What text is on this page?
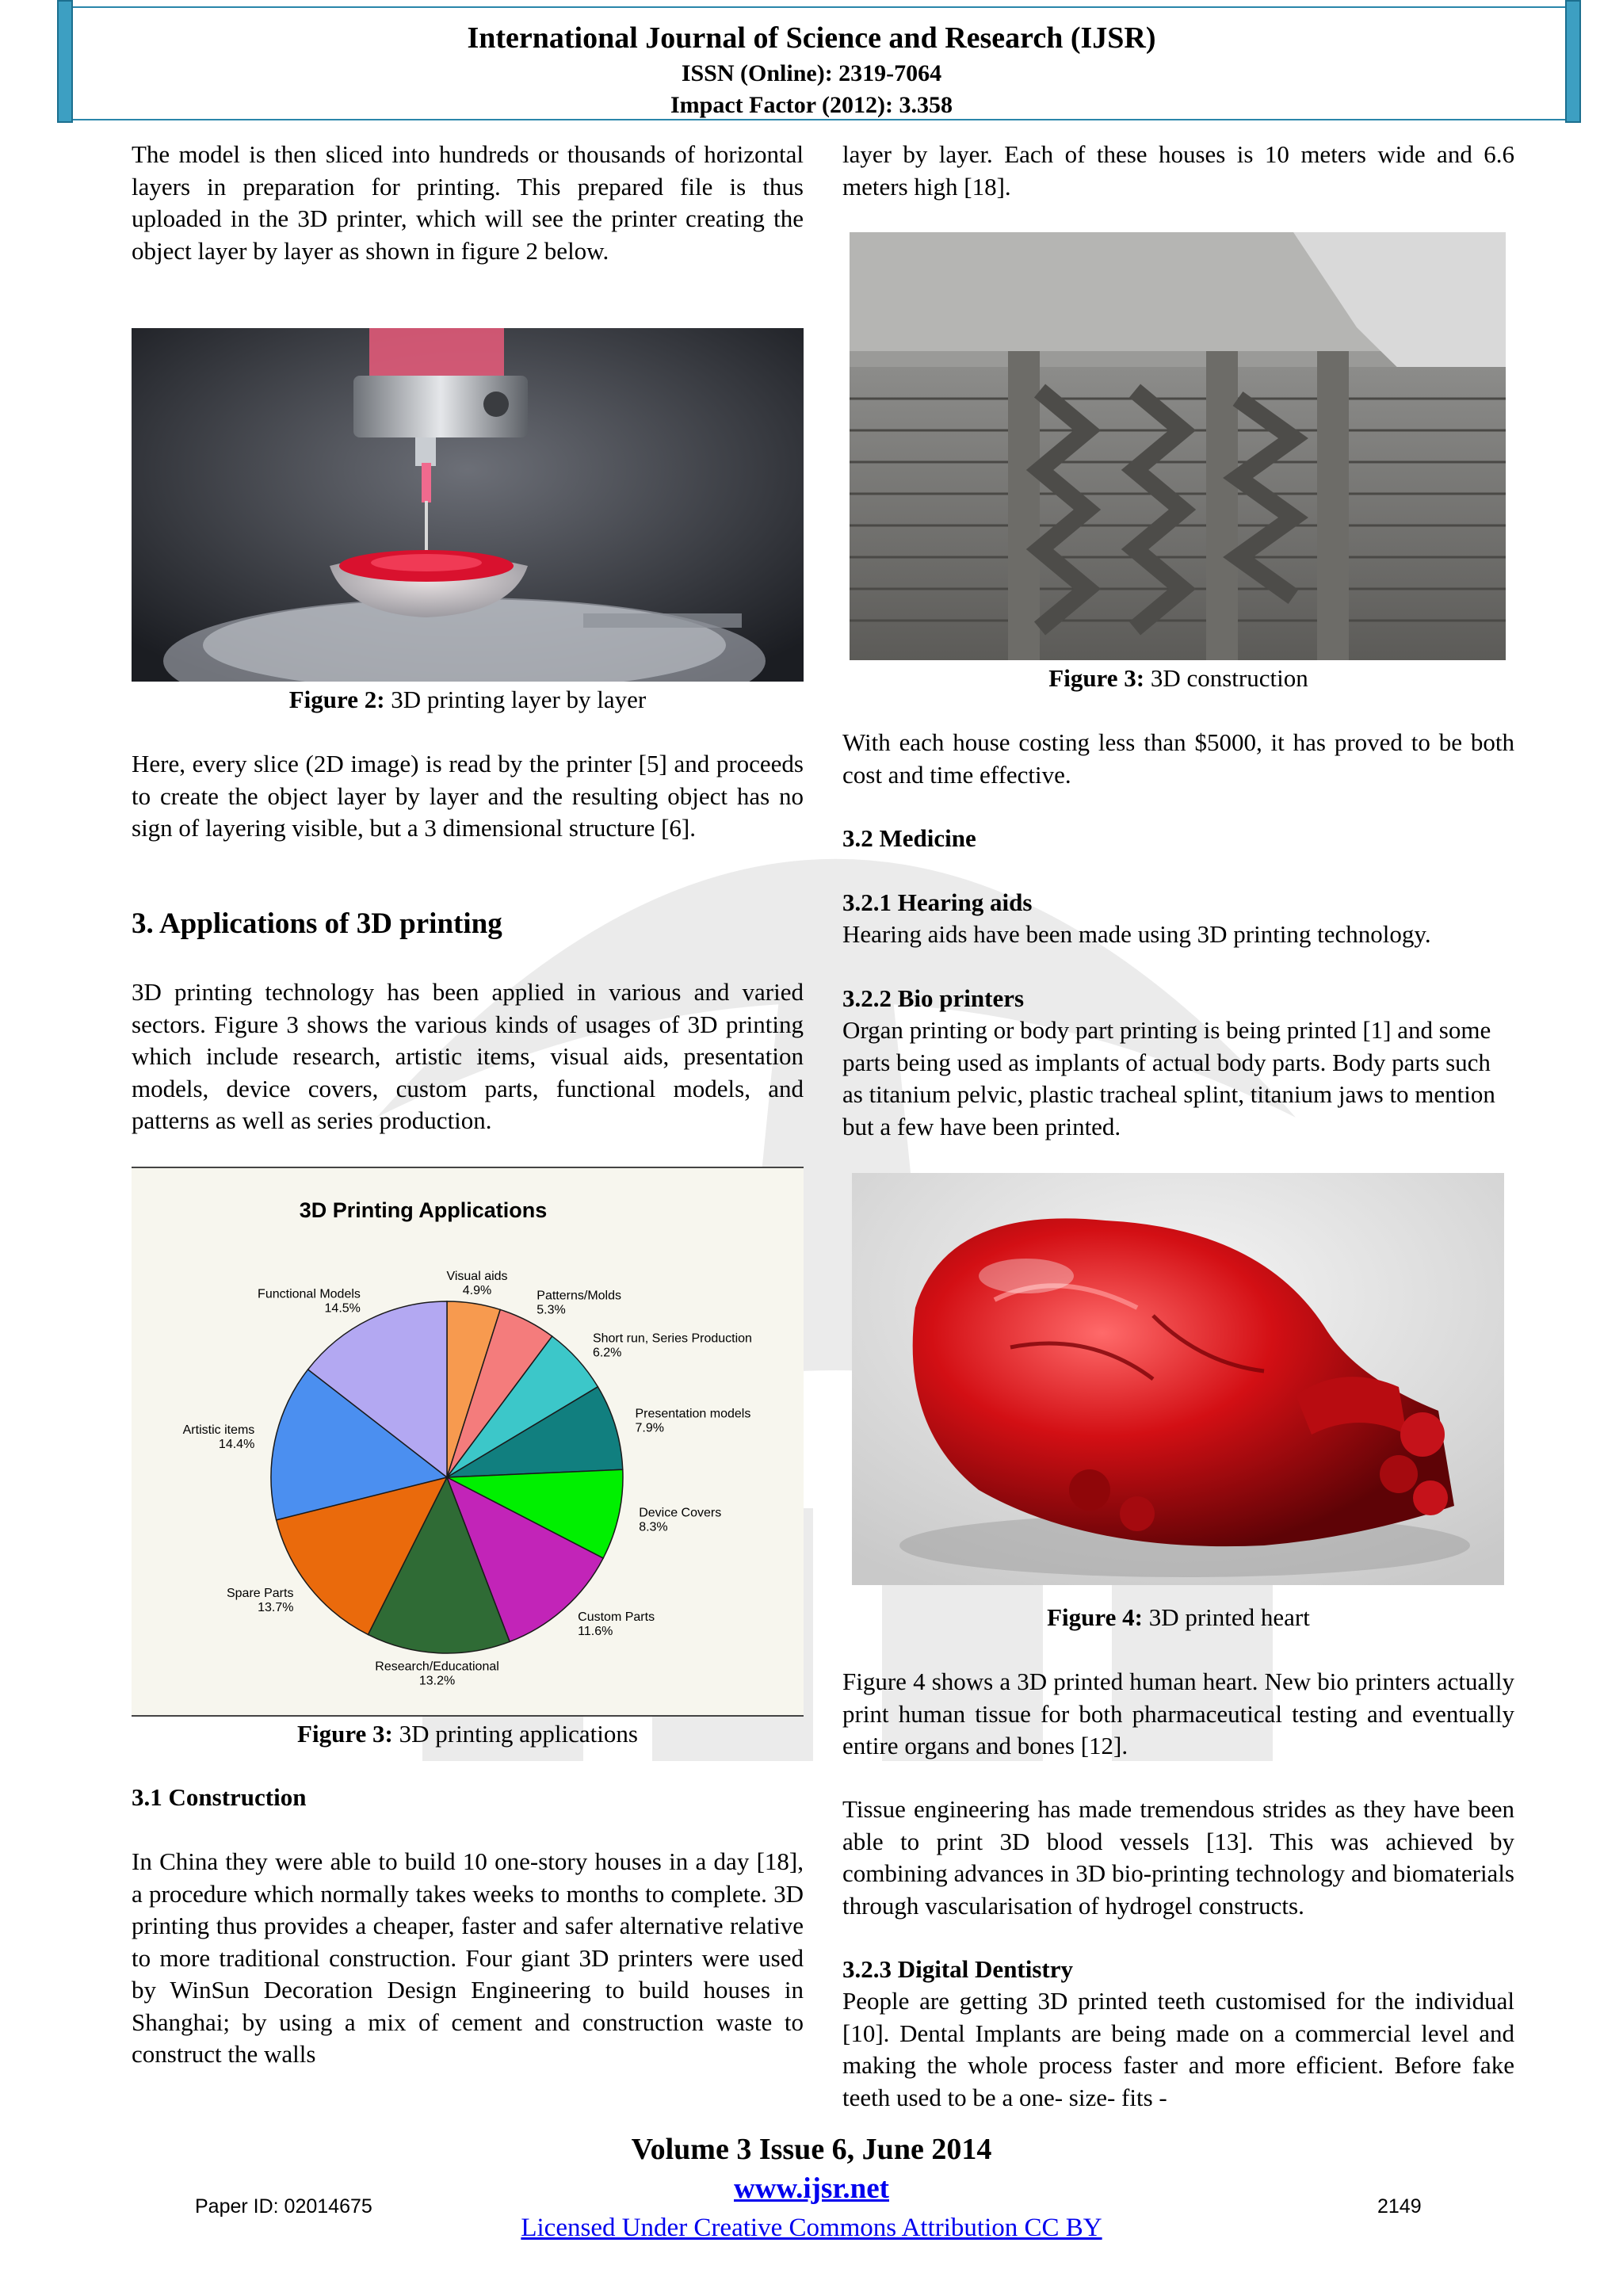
International Journal of Science and Research (IJSR)
ISSN (Online): 2319-7064
Impact Factor (2012): 3.358

The model is then sliced into hundreds or thousands of horizontal layers in preparation for printing. This prepared file is thus uploaded in the 3D printer, which will see the printer creating the object layer by layer as shown in figure 2 below.

Figure 2: 3D printing layer by layer

Here, every slice (2D image) is read by the printer [5] and proceeds to create the object layer by layer and the resulting object has no sign of layering visible, but a 3 dimensional structure [6].

3. Applications of 3D printing

3D printing technology has been applied in various and varied sectors. Figure 3 shows the various kinds of usages of 3D printing which include research, artistic items, visual aids, presentation models, device covers, custom parts, functional models, and patterns as well as series production.

3D Printing Applications
Visual aids
4.9%	Patterns/Molds
5.3%
Short run, Series Production
6.2%
Presentation models
7.9%
Device Covers
8.3%
Custom Parts
11.6%
Research/Educational
13.2%
Spare Parts
13.7%
Artistic items
14.4%
Functional Models
14.5%

Figure 3: 3D printing applications

3.1 Construction

In China they were able to build 10 one-story houses in a day [18], a procedure which normally takes weeks to months to complete. 3D printing thus provides a cheaper, faster and safer alternative relative to more traditional construction. Four giant 3D printers were used by WinSun Decoration Design Engineering to build houses in Shanghai; by using a mix of cement and construction waste to construct the walls

layer by layer. Each of these houses is 10 meters wide and 6.6 meters high [18].

Figure 3: 3D construction

With each house costing less than $5000, it has proved to be both cost and time effective.

3.2 Medicine

3.2.1 Hearing aids

Hearing aids have been made using 3D printing technology.

3.2.2 Bio printers

Organ printing or body part printing is being printed [1] and some parts being used as implants of actual body parts. Body parts such as titanium pelvic, plastic tracheal splint, titanium jaws to mention but a few have been printed.

Figure 4: 3D printed heart

Figure 4 shows a 3D printed human heart. New bio printers actually print human tissue for both pharmaceutical testing and eventually entire organs and bones [12].

Tissue engineering has made tremendous strides as they have been able to print 3D blood vessels [13]. This was achieved by combining advances in 3D bio-printing technology and biomaterials through vascularisation of hydrogel constructs.

3.2.3 Digital Dentistry

People are getting 3D printed teeth customised for the individual [10]. Dental Implants are being made on a commercial level and making the whole process faster and more efficient. Before fake teeth used to be a one- size- fits -

Volume 3 Issue 6, June 2014
www.ijsr.net
Licensed Under Creative Commons Attribution CC BY
Paper ID: 02014675	2149
